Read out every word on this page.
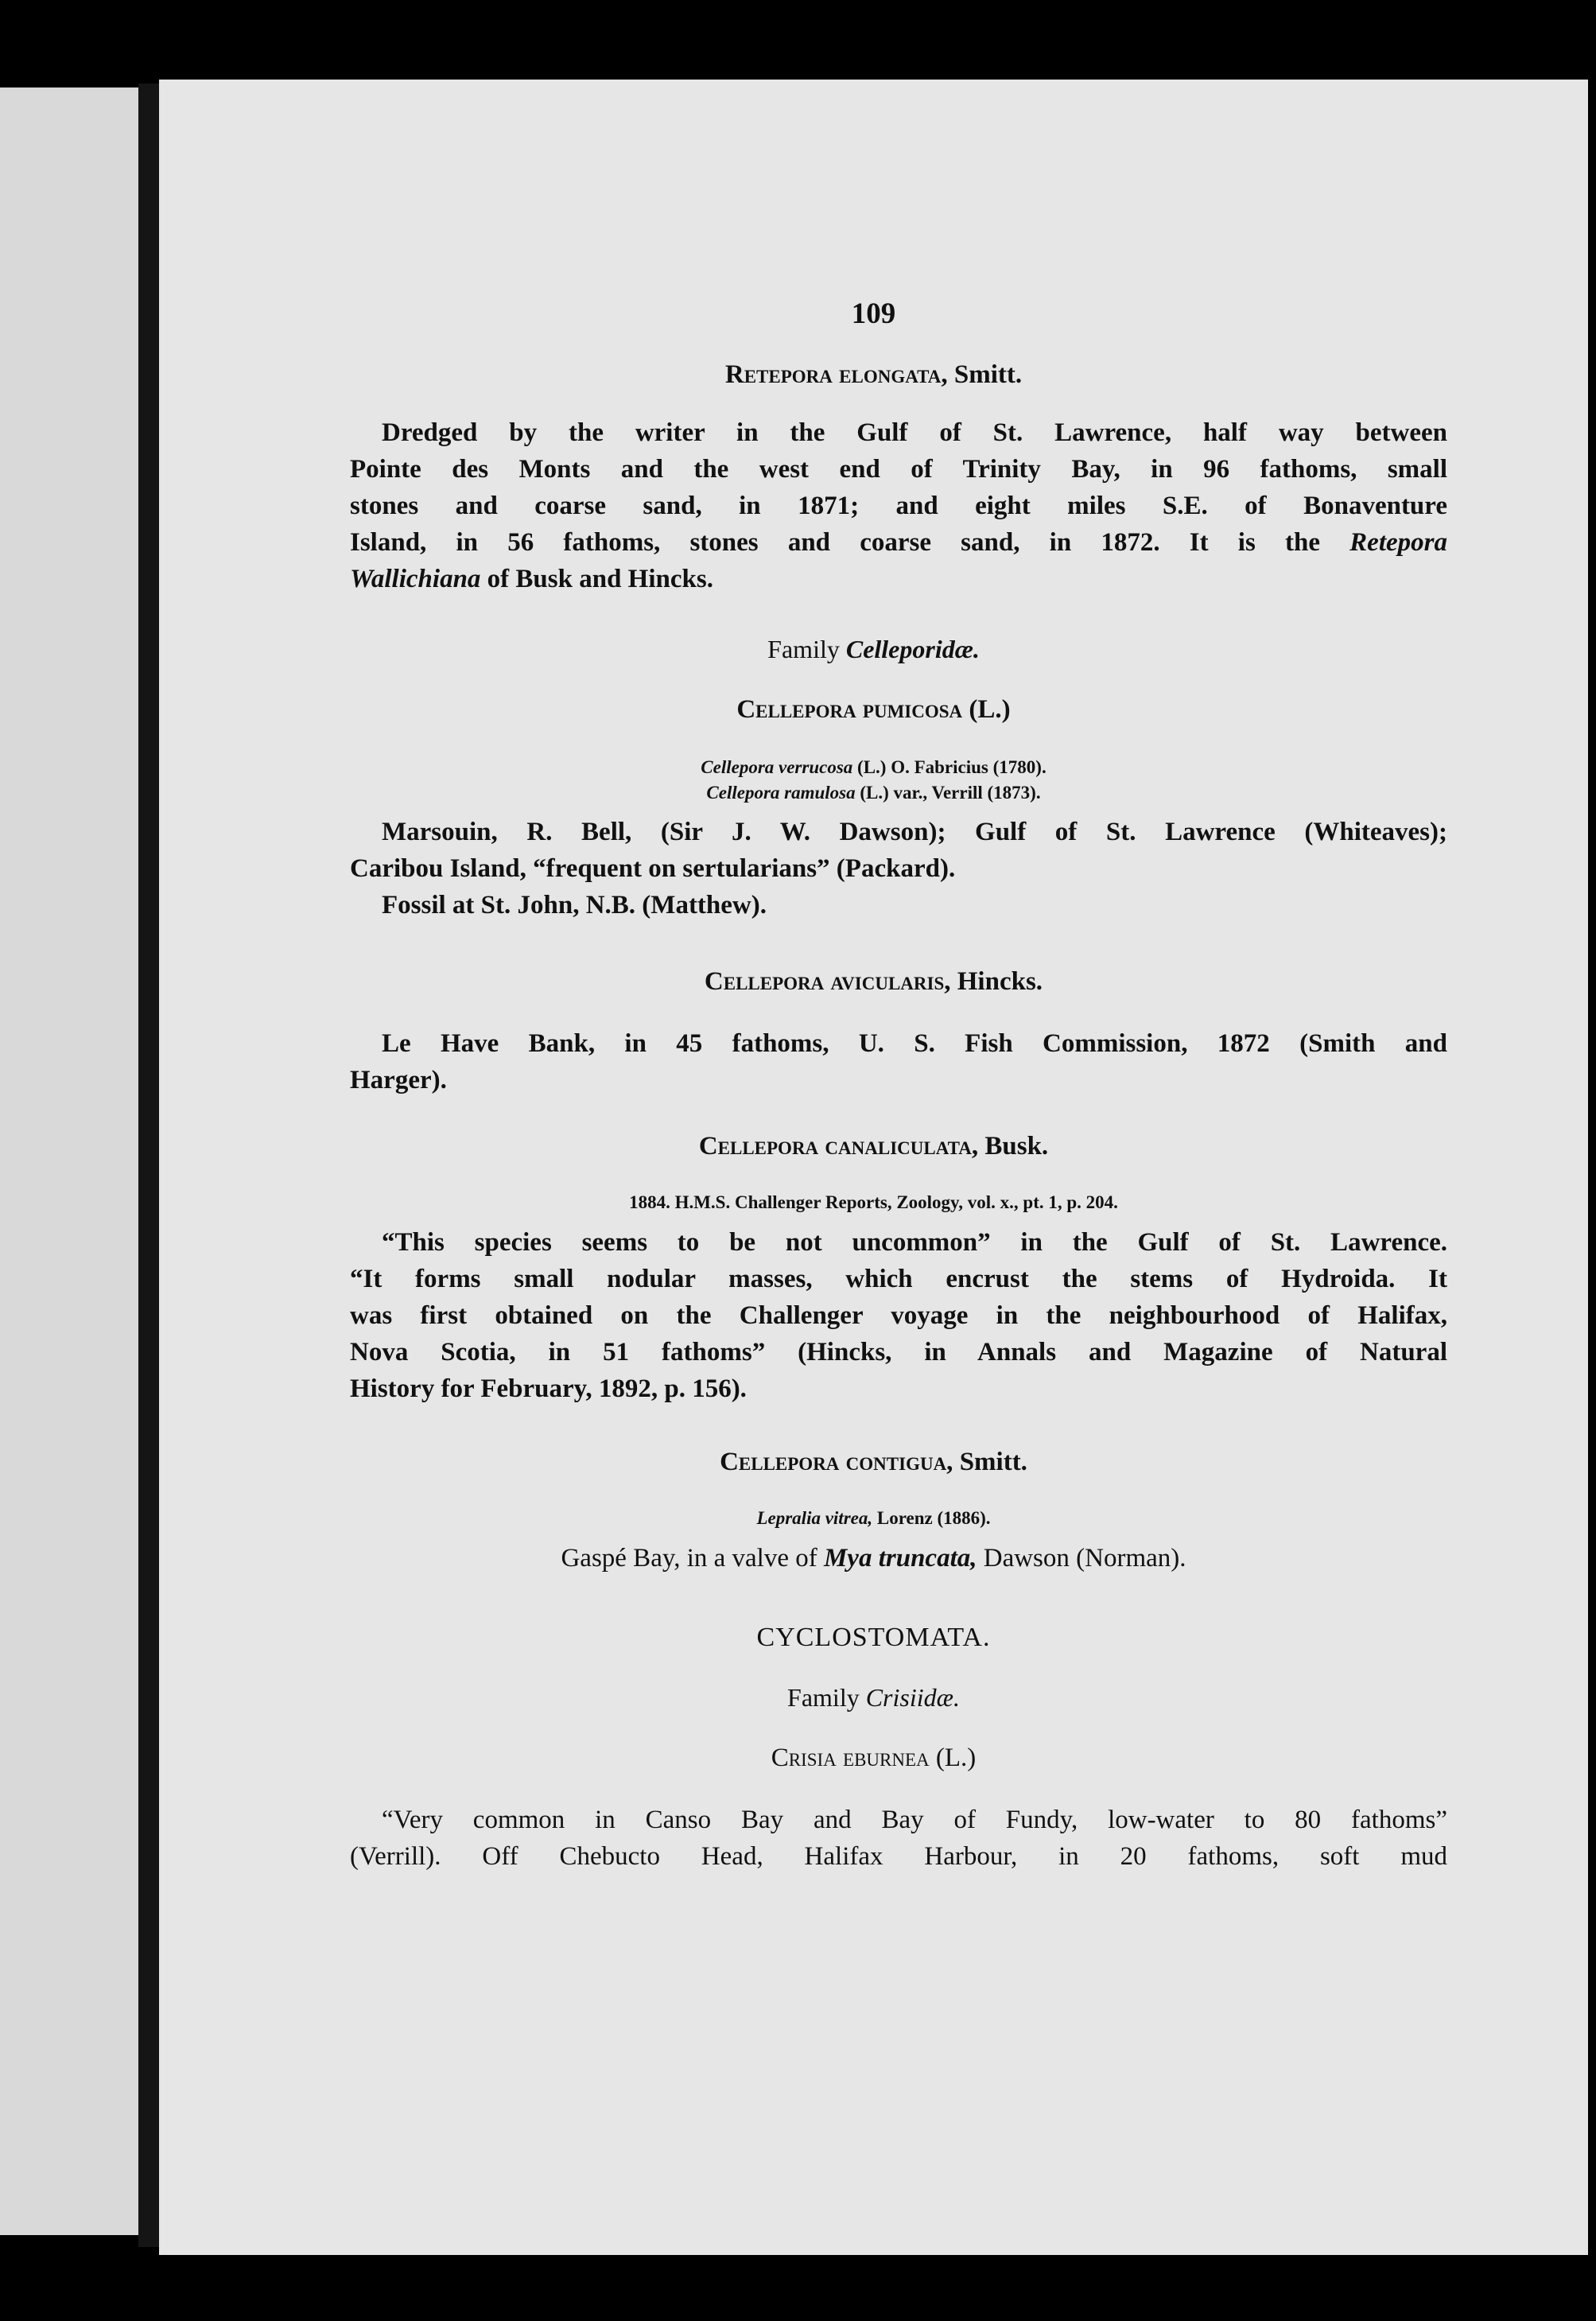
109
Retepora elongata, Smitt.
Dredged by the writer in the Gulf of St. Lawrence, half way between
Pointe des Monts and the west end of Trinity Bay, in 96 fathoms, small
stones and coarse sand, in 1871; and eight miles S.E. of Bonaventure
Island, in 56 fathoms, stones and coarse sand, in 1872. It is the Retepora
Wallichiana of Busk and Hincks.
Family Celleporidæ.
Cellepora pumicosa (L.)
Cellepora verrucosa (L.) O. Fabricius (1780).
Cellepora ramulosa (L.) var., Verrill (1873).
Marsouin, R. Bell, (Sir J. W. Dawson); Gulf of St. Lawrence (Whiteaves);
Caribou Island, “frequent on sertularians” (Packard).
Fossil at St. John, N.B. (Matthew).
Cellepora avicularis, Hincks.
Le Have Bank, in 45 fathoms, U. S. Fish Commission, 1872 (Smith and
Harger).
Cellepora canaliculata, Busk.
1884. H.M.S. Challenger Reports, Zoology, vol. x., pt. 1, p. 204.
“This species seems to be not uncommon” in the Gulf of St. Lawrence.
“It forms small nodular masses, which encrust the stems of Hydroida. It
was first obtained on the Challenger voyage in the neighbourhood of Halifax,
Nova Scotia, in 51 fathoms” (Hincks, in Annals and Magazine of Natural
History for February, 1892, p. 156).
Cellepora contigua, Smitt.
Lepralia vitrea, Lorenz (1886).
Gaspé Bay, in a valve of Mya truncata, Dawson (Norman).
CYCLOSTOMATA.
Family Crisiidæ.
Crisia eburnea (L.)
“Very common in Canso Bay and Bay of Fundy, low-water to 80 fathoms”
(Verrill). Off Chebucto Head, Halifax Harbour, in 20 fathoms, soft mud
